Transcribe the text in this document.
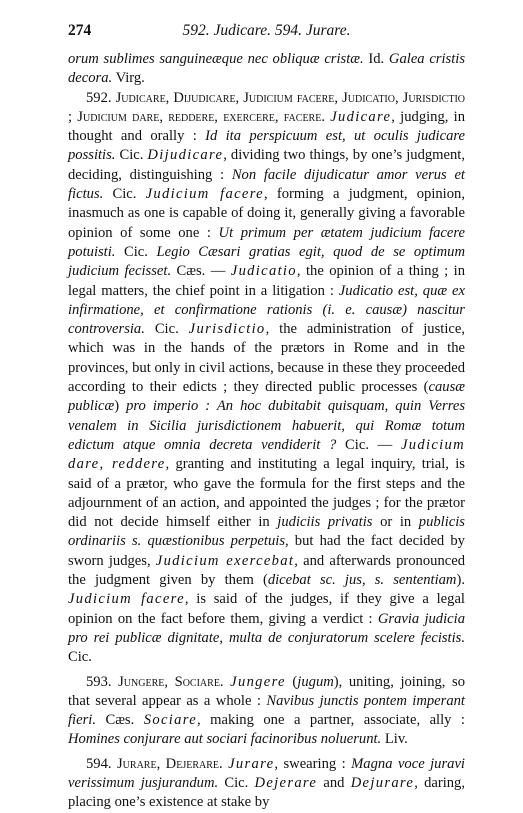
274	592. Judicare. 594. Jurare.

orum sublimes sanguineæque nec obliquæ cristæ. Id. Galea cristis decora. Virg.

592. Judicare, Dijudicare, Judicium facere, Judicatio, Jurisdictio ; Judicium dare, reddere, exercere, facere. Judicare, judging, in thought and orally : Id ita perspicuum est, ut oculis judicare possitis. Cic. Dijudicare, dividing two things, by one’s judgment, deciding, distinguishing : Non facile dijudicatur amor verus et fictus. Cic. Judicium facere, forming a judgment, opinion, inasmuch as one is capable of doing it, generally giving a favorable opinion of some one : Ut primum per ætatem judicium facere potuisti. Cic. Legio Cæsari gratias egit, quod de se optimum judicium fecisset. Cæs. — Judicatio, the opinion of a thing ; in legal matters, the chief point in a litigation : Judicatio est, quæ ex infirmatione, et confirmatione rationis (i. e. causæ) nascitur controversia. Cic. Jurisdictio, the administration of justice, which was in the hands of the prætors in Rome and in the provinces, but only in civil actions, because in these they proceeded according to their edicts ; they directed public processes (causæ publicæ) pro imperio : An hoc dubitabit quisquam, quin Verres venalem in Sicilia jurisdictionem habuerit, qui Romæ totum edictum atque omnia decreta vendiderit ? Cic. — Judicium dare, reddere, granting and instituting a legal inquiry, trial, is said of a prætor, who gave the formula for the first steps and the adjournment of an action, and appointed the judges ; for the prætor did not decide himself either in judiciis privatis or in publicis ordinariis s. quæstionibus perpetuis, but had the fact decided by sworn judges, Judicium exercebat, and afterwards pronounced the judgment given by them (dicebat sc. jus, s. sententiam). Judicium facere, is said of the judges, if they give a legal opinion on the fact before them, giving a verdict : Gravia judicia pro rei publicæ dignitate, multa de conjuratorum scelere fecistis. Cic.

593. Jungere, Sociare. Jungere (jugum), uniting, joining, so that several appear as a whole : Navibus junctis pontem imperant fieri. Cæs. Sociare, making one a partner, associate, ally : Homines conjurare aut sociari facinoribus noluerunt. Liv.

594. Jurare, Dejerare. Jurare, swearing : Magna voce juravi verissimum jusjurandum. Cic. Dejerare and Dejurare, daring, placing one’s existence at stake by
